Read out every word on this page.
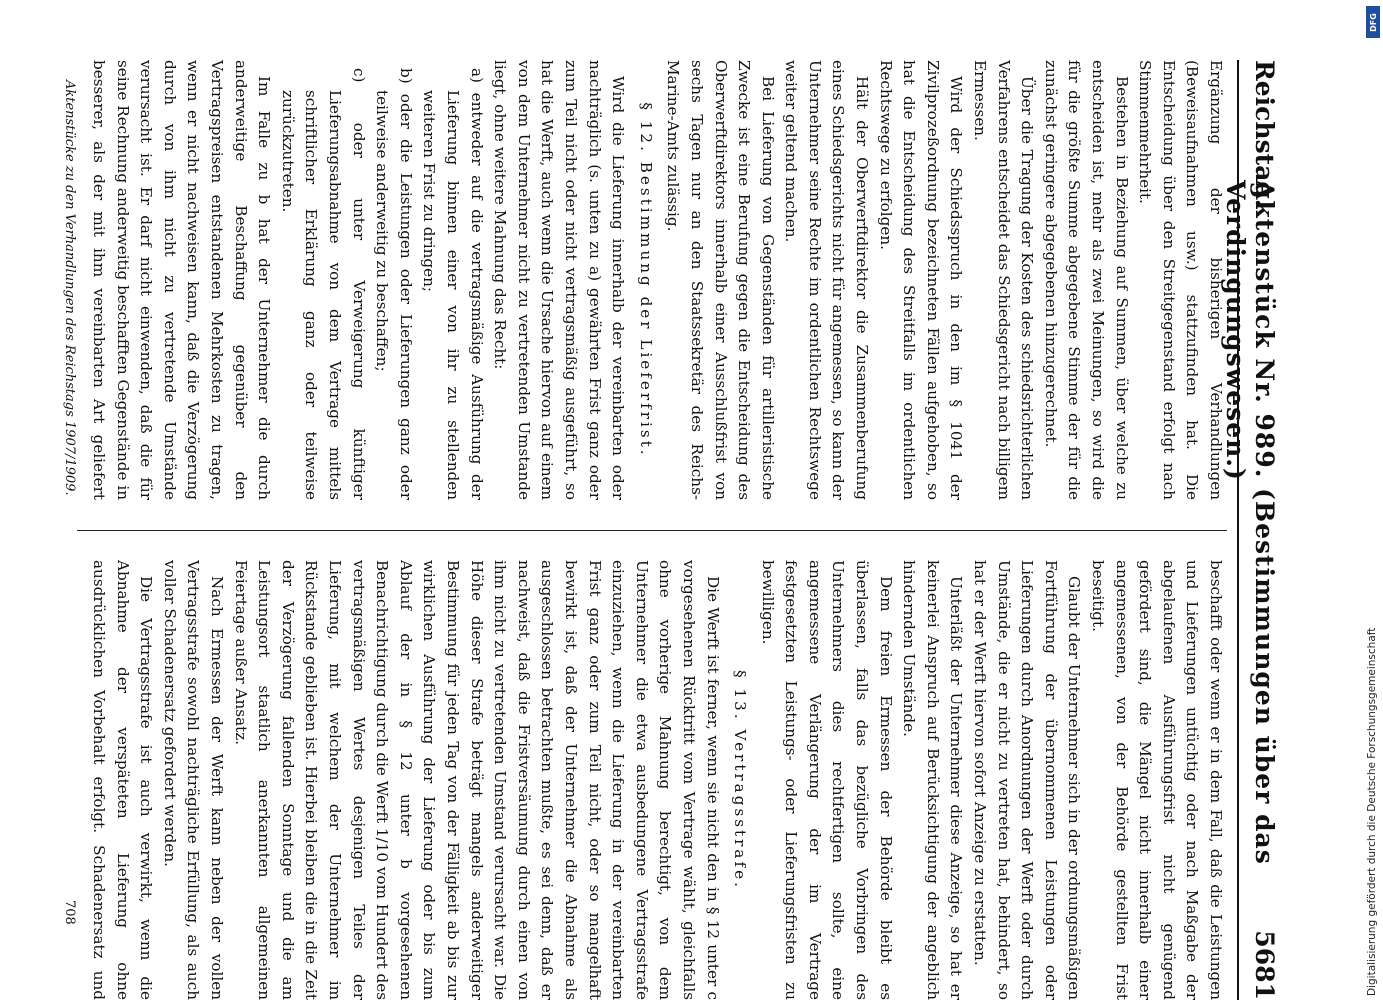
Reichstag.
Aktenstück Nr. 989. (Bestimmungen über das Verdingungswesen.)
5681

Ergänzung der bisherigen Verhandlungen (Beweisaufnahmen usw.) stattzufinden hat. Die Entscheidung über den Streitgegenstand erfolgt nach Stimmenmehrheit.

Bestehen in Beziehung auf Summen, über welche zu entscheiden ist, mehr als zwei Meinungen, so wird die für die größte Summe abgegebene Stimme der für die zunächst geringere abgegebenen hinzugerechnet.

Über die Tragung der Kosten des schiedsrichterlichen Verfahrens entscheidet das Schiedsgericht nach billigem Ermessen.

Wird der Schiedsspruch in den im § 1041 der Zivilprozeßordnung bezeichneten Fällen aufgehoben, so hat die Entscheidung des Streitfalls im ordentlichen Rechtswege zu erfolgen.

Hält der Oberwerftdirektor die Zusammenberufung eines Schiedsgerichts nicht für angemessen, so kann der Unternehmer seine Rechte im ordentlichen Rechtswege weiter geltend machen.

Bei Lieferung von Gegenständen für artilleristische Zwecke ist eine Berufung gegen die Entscheidung des Oberwerftdirektors innerhalb einer Ausschlußfrist von sechs Tagen nur an den Staatssekretär des Reichs-Marine-Amts zulässig.

§ 12. Bestimmung der Lieferfrist.

Wird die Lieferung innerhalb der vereinbarten oder nachträglich (s. unten zu a) gewährten Frist ganz oder zum Teil nicht oder nicht vertragsmäßig ausgeführt, so hat die Werft, auch wenn die Ursache hiervon auf einem von dem Unternehmer nicht zu vertretenden Umstande liegt, ohne weitere Mahnung das Recht:

a) entweder auf die vertragsmäßige Ausführung der Lieferung binnen einer von ihr zu stellenden weiteren Frist zu dringen;

b) oder die Leistungen oder Lieferungen ganz oder teilweise anderweitig zu beschaffen;

c) oder unter Verweigerung künftiger Lieferungsabnahme von dem Vertrage mittels schriftlicher Erklärung ganz oder teilweise zurückzutreten.

Im Falle zu b hat der Unternehmer die durch anderweitige Beschaffung gegenüber den Vertragspreisen entstandenen Mehrkosten zu tragen, wenn er nicht nachweisen kann, daß die Verzögerung durch von ihm nicht zu vertretende Umstände verursacht ist. Er darf nicht einwenden, daß die für seine Rechnung anderweitig beschafften Gegenstände in besserer, als der mit ihm vereinbarten Art geliefert

beschafft oder wenn er in dem Fall, daß die Leistungen und Lieferungen untüchtig oder nach Maßgabe der abgelaufenen Ausführungsfrist nicht genügend gefördert sind, die Mängel nicht innerhalb einer angemessenen, von der Behörde gestellten Frist beseitigt.

Glaubt der Unternehmer sich in der ordnungsmäßigen Fortführung der übernommenen Leistungen oder Lieferungen durch Anordnungen der Werft oder durch Umstände, die er nicht zu vertreten hat, behindert, so hat er der Werft hiervon sofort Anzeige zu erstatten.

Unterläßt der Unternehmer diese Anzeige, so hat er keinerlei Anspruch auf Berücksichtigung der angeblich hindernden Umstände.

Dem freien Ermessen der Behörde bleibt es überlassen, falls das bezügliche Vorbringen des Unternehmers dies rechtfertigen sollte, eine angemessene Verlängerung der im Vertrage festgesetzten Leistungs- oder Lieferungsfristen zu bewilligen.

§ 13. Vertragsstrafe.

Die Werft ist ferner, wenn sie nicht den in § 12 unter c vorgesehenen Rücktritt vom Vertrage wählt, gleichfalls ohne vorherige Mahnung berechtigt, von dem Unternehmer die etwa ausbedungene Vertragsstrafe einzuziehen, wenn die Lieferung in der vereinbarten Frist ganz oder zum Teil nicht, oder so mangelhaft bewirkt ist, daß der Unternehmer die Abnahme als ausgeschlossen betrachten mußte, es sei denn, daß er nachweist, daß die Fristversäumung durch einen von ihm nicht zu vertretenden Umstand verursacht war. Die Höhe dieser Strafe beträgt mangels anderweitiger Bestimmung für jeden Tag von der Fälligkeit ab bis zur wirklichen Ausführung der Lieferung oder bis zum Ablauf der in § 12 unter b vorgesehenen Benachrichtigung durch die Werft 1/10 vom Hundert des vertragsmäßigen Wertes desjenigen Teiles der Lieferung, mit welchem der Unternehmer im Rückstande geblieben ist. Hierbei bleiben die in die Zeit der Verzögerung fallenden Sonntage und die am Leistungsort staatlich anerkannten allgemeinen Feiertage außer Ansatz.

Nach Ermessen der Werft kann neben der vollen Vertragsstrafe sowohl nachträgliche Erfüllung, als auch voller Schadenersatz gefordert werden.

Die Vertragsstrafe ist auch verwirkt, wenn die Abnahme der verspäteten Lieferung ohne ausdrücklichen Vorbehalt erfolgt. Schadenersatz und

Aktenstücke zu den Verhandlungen des Reichstags 1907/1909.
708
DFG
Digitalisierung gefördert durch die Deutsche Forschungsgemeinschaft
